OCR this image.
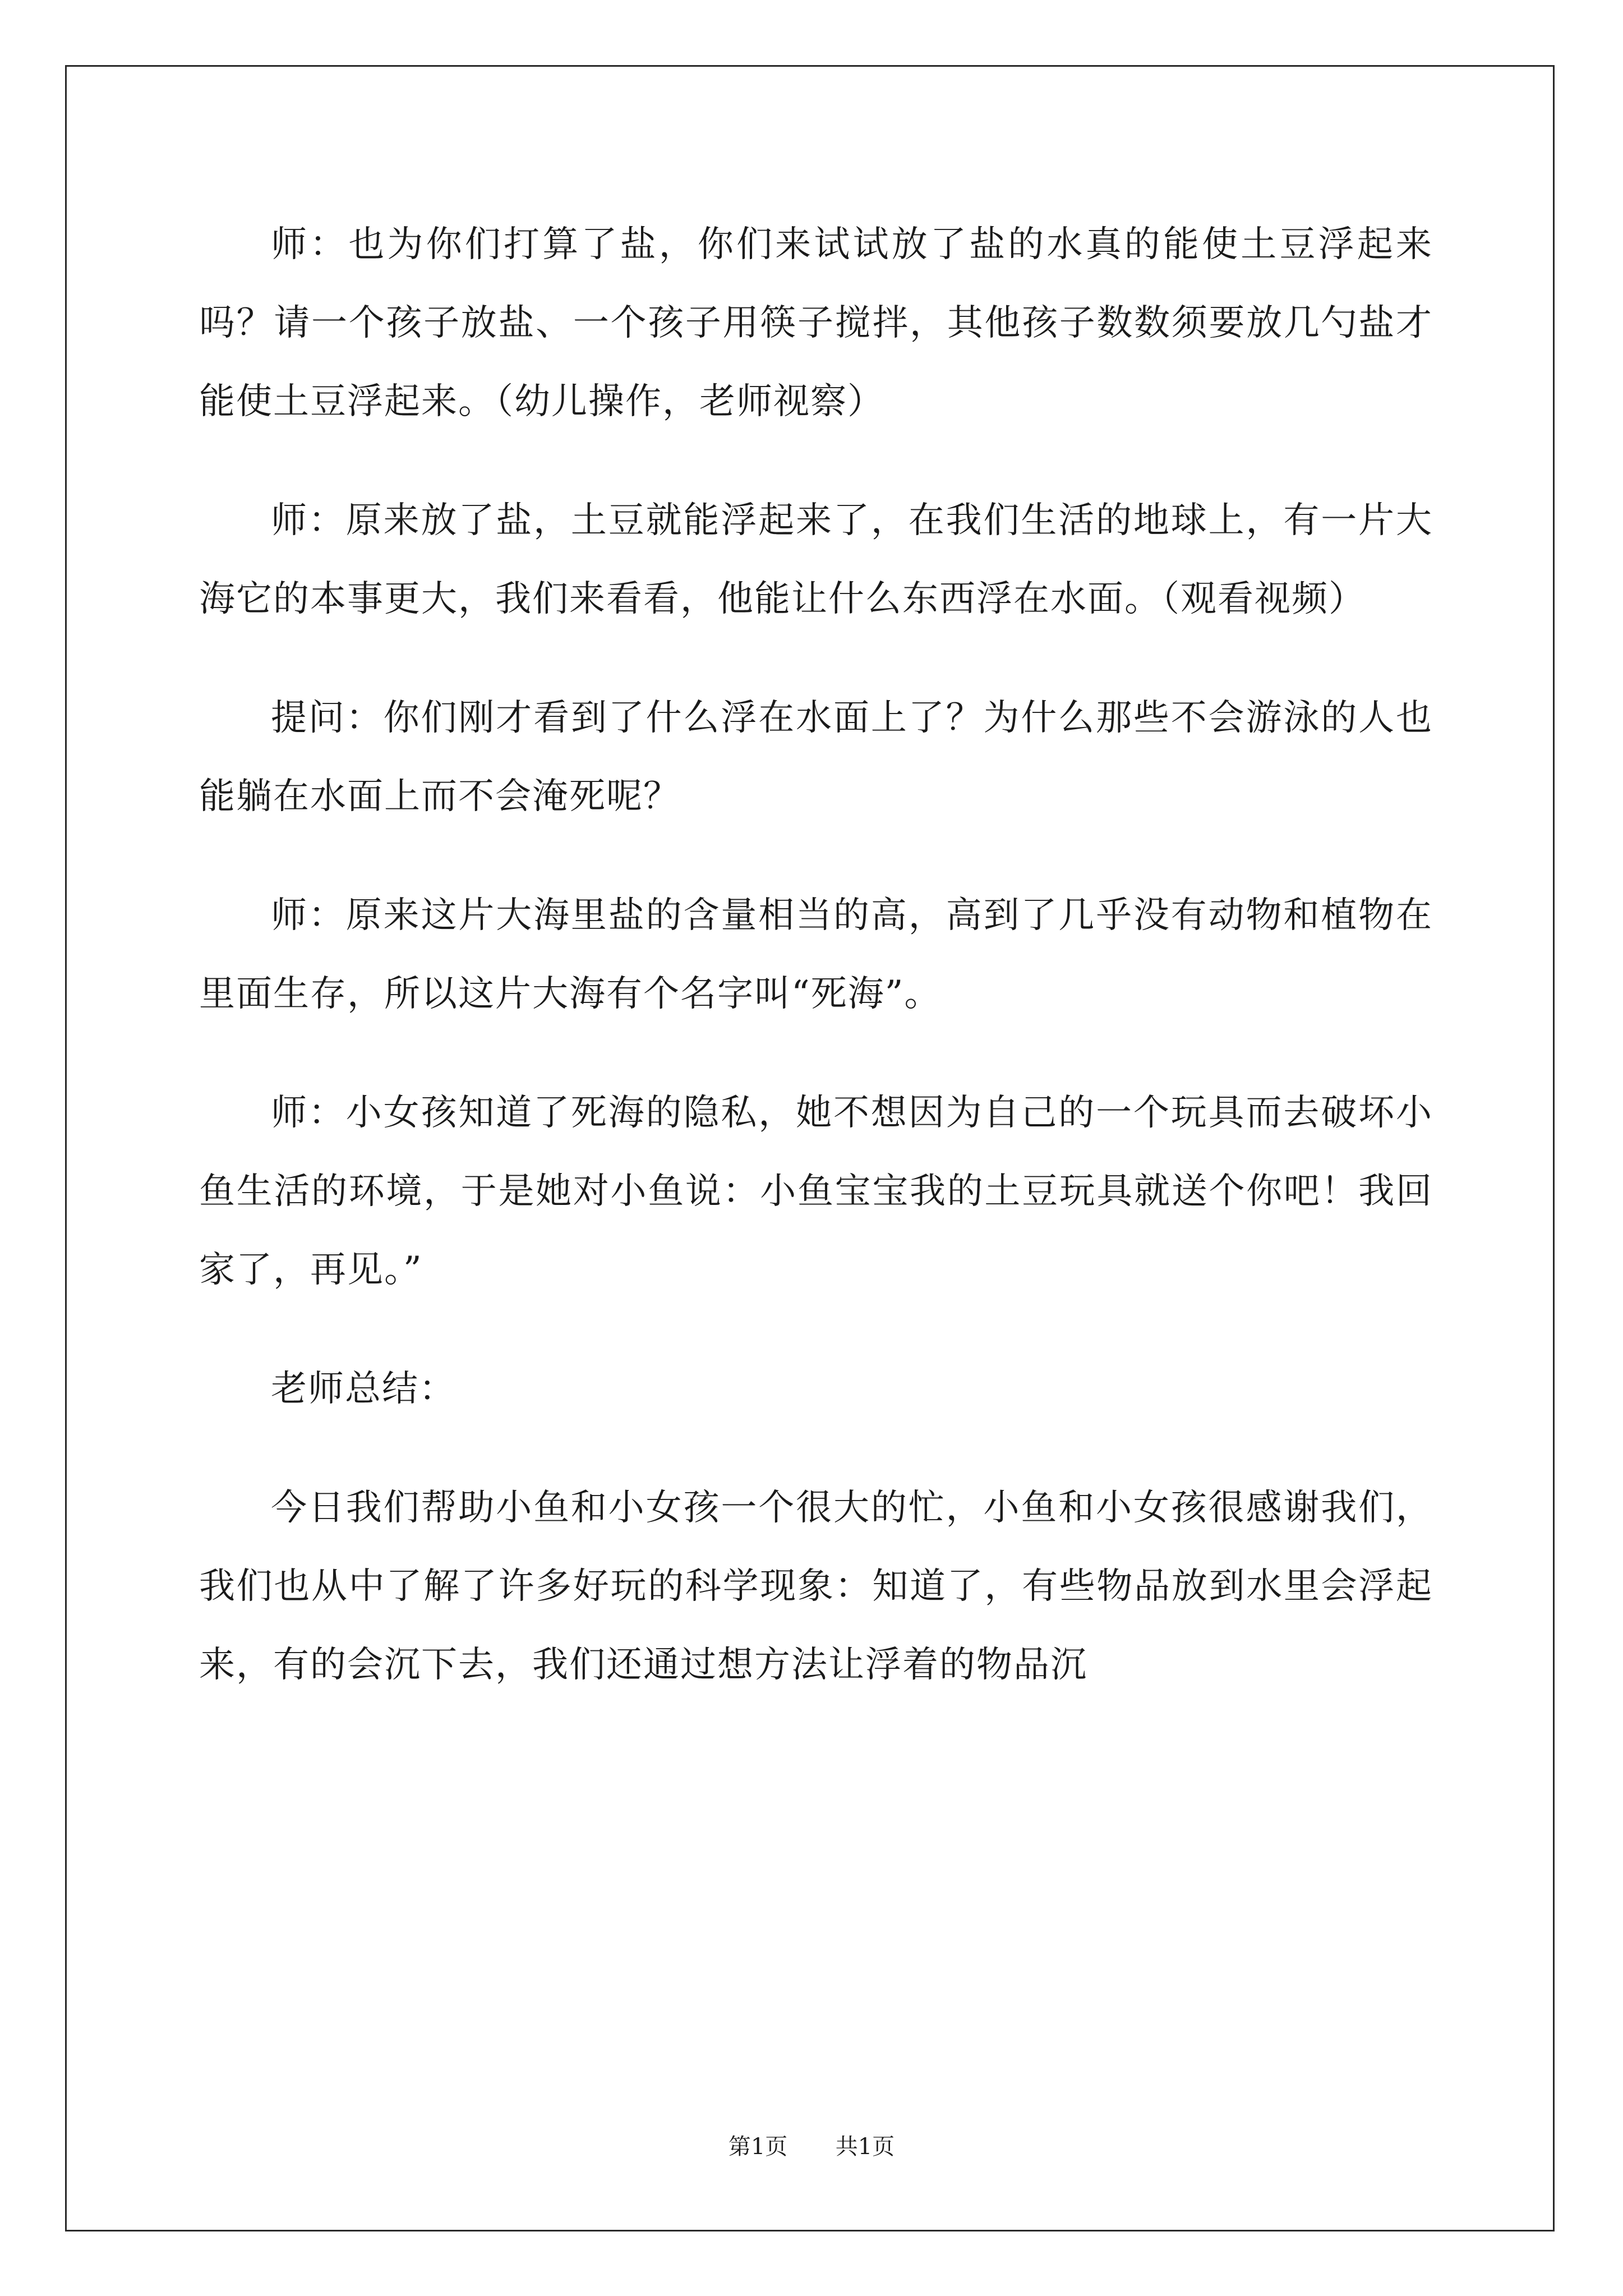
师：也为你们打算了盐，你们来试试放了盐的水真的能使土豆浮起来吗？请一个孩子放盐、一个孩子用筷子搅拌，其他孩子数数须要放几勺盐才能使土豆浮起来。（幼儿操作，老师视察）

师：原来放了盐，土豆就能浮起来了，在我们生活的地球上，有一片大海它的本事更大，我们来看看，他能让什么东西浮在水面。（观看视频）

提问：你们刚才看到了什么浮在水面上了？为什么那些不会游泳的人也能躺在水面上而不会淹死呢？

师：原来这片大海里盐的含量相当的高，高到了几乎没有动物和植物在里面生存，所以这片大海有个名字叫“死海”。

师：小女孩知道了死海的隐私，她不想因为自己的一个玩具而去破坏小鱼生活的环境，于是她对小鱼说：小鱼宝宝我的土豆玩具就送个你吧！我回家了，再见。”

老师总结：

今日我们帮助小鱼和小女孩一个很大的忙，小鱼和小女孩很感谢我们，我们也从中了解了许多好玩的科学现象：知道了，有些物品放到水里会浮起来，有的会沉下去，我们还通过想方法让浮着的物品沉

第1页 共1页
